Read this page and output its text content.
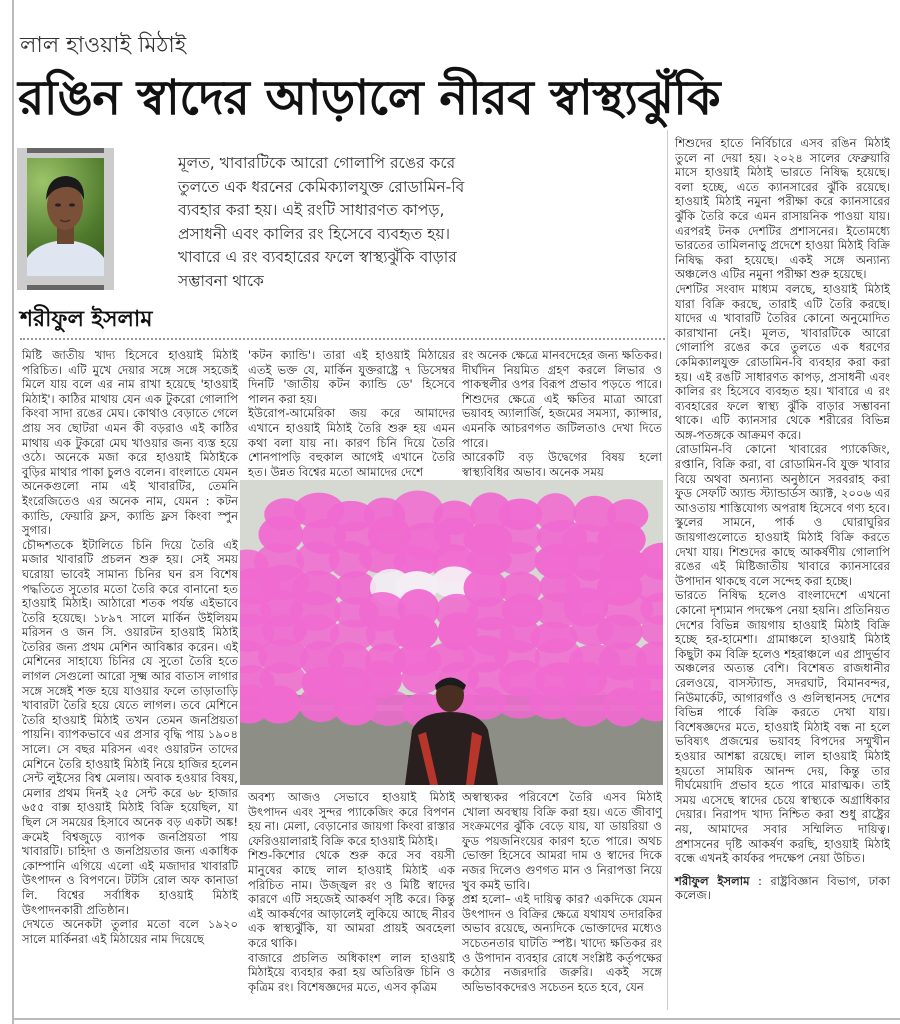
লাল হাওয়াই মিঠাই
রঙিন স্বাদের আড়ালে নীরব স্বাস্থ্যঝুঁকি
মূলত, খাবারটিকে আরো গোলাপি রঙের করে তুলতে এক ধরনের কেমিক্যালযুক্ত রোডামিন-বি ব্যবহার করা হয়। এই রংটি সাধারণত কাপড়, প্রসাধনী এবং কালির রং হিসেবে ব্যবহৃত হয়। খাবারে এ রং ব্যবহারের ফলে স্বাস্থ্যঝুঁকি বাড়ার সম্ভাবনা থাকে
শরীফুল ইসলাম

মিষ্টি জাতীয় খাদ্য হিসেবে হাওয়াই মিঠাই পরিচিত। এটি মুখে দেয়ার সঙ্গে সঙ্গে সহজেই মিলে যায় বলে এর নাম রাখা হয়েছে 'হাওয়াই মিঠাই'। কাঠির মাথায় যেন এক টুকরো গোলাপি কিংবা সাদা রঙের মেঘ। কোথাও বেড়াতে গেলে প্রায় সব ছোটরা এমন কী বড়রাও এই কাঠির মাথায় এক টুকরো মেঘ খাওয়ার জন্য ব্যস্ত হয়ে ওঠে। অনেকে মজা করে হাওয়াই মিঠাইকে বুড়ির মাথার পাকা চুলও বলেন। বাংলাতে যেমন অনেকগুলো নাম এই খাবারটির, তেমনি ইংরেজিতেও এর অনেক নাম, যেমন : কটন ক্যান্ডি, ফেয়ারি ফ্লস, ক্যান্ডি ফ্লস কিংবা স্পুন সুগার।

চৌদ্দশতকে ইটালিতে চিনি দিয়ে তৈরি এই মজার খাবারটি প্রচলন শুরু হয়। সেই সময় ঘরোয়া ভাবেই সামান্য চিনির ঘন রস বিশেষ পদ্ধতিতে সুতোর মতো তৈরি করে বানানো হত হাওয়াই মিঠাই। আঠারো শতক পর্যন্ত এইভাবে তৈরি হয়েছে। ১৮৯৭ সালে মার্কিন উইলিয়ম মরিসন ও জন সি. ওয়ারটন হাওয়াই মিঠাই তৈরির জন্য প্রথম মেশিন আবিষ্কার করেন। এই মেশিনের সাহায্যে চিনির যে সুতো তৈরি হতে লাগল সেগুলো আরো সূক্ষ্ম আর বাতাস লাগার সঙ্গে সঙ্গেই শক্ত হয়ে যাওয়ার ফলে তাড়াতাড়ি খাবারটা তৈরি হয়ে যেতে লাগল। তবে মেশিনে তৈরি হাওয়াই মিঠাই তখন তেমন জনপ্রিয়তা পায়নি। ব্যাপকভাবে এর প্রসার বৃদ্ধি পায় ১৯০৪ সালে। সে বছর মরিসন এবং ওয়ারটন তাদের মেশিনে তৈরি হাওয়াই মিঠাই নিয়ে হাজির হলেন সেন্ট লুইসের বিশ্ব মেলায়। অবাক হওয়ার বিষয়, মেলার প্রথম দিনই ২৫ সেন্ট করে ৬৮ হাজার ৬৫৫ বাক্স হাওয়াই মিঠাই বিক্রি হয়েছিল, যা ছিল সে সময়ের হিসাবে অনেক বড় একটা অঙ্ক! ক্রমেই বিশ্বজুড়ে ব্যাপক জনপ্রিয়তা পায় খাবারটি। চাহিদা ও জনপ্রিয়তার জন্য একাধিক কোম্পানি এগিয়ে এলো এই মজাদার খাবারটি উৎপাদন ও বিপণনে। টটসি রোল অফ কানাডা লি. বিশ্বের সর্বাধিক হাওয়াই মিঠাই উৎপাদনকারী প্রতিষ্ঠান।

দেখতে অনেকটা তুলার মতো বলে ১৯২০ সালে মার্কিনরা এই মিঠায়ের নাম দিয়েছে

'কটন ক্যান্ডি'। তারা এই হাওয়াই মিঠায়ের এতই ভক্ত যে, মার্কিন যুক্তরাষ্ট্রে ৭ ডিসেম্বর দিনটি 'জাতীয় কটন ক্যান্ডি ডে' হিসেবে পালন করা হয়।

ইউরোপ-আমেরিকা জয় করে আমাদের এখানে হাওয়াই মিঠাই তৈরি শুরু হয় এমন কথা বলা যায় না। কারণ চিনি দিয়ে তৈরি শোনপাপড়ি বহুকাল আগেই এখানে তৈরি হত। উন্নত বিশ্বের মতো আমাদের দেশে

রং অনেক ক্ষেত্রে মানবদেহের জন্য ক্ষতিকর। দীর্ঘদিন নিয়মিত গ্রহণ করলে লিভার ও পাকস্থলীর ওপর বিরূপ প্রভাব পড়তে পারে। শিশুদের ক্ষেত্রে এই ক্ষতির মাত্রা আরো ভয়াবহ অ্যালার্জি, হজমের সমস্যা, ক্যান্সার, এমনকি আচরণগত জটিলতাও দেখা দিতে পারে।

আরেকটি বড় উদ্বেগের বিষয় হলো স্বাস্থ্যবিধির অভাব। অনেক সময়

অবশ্য আজও সেভাবে হাওয়াই মিঠাই উৎপাদন এবং সুন্দর প্যাকেজিং করে বিপণন হয় না। মেলা, বেড়ানোর জায়গা কিংবা রাস্তার ফেরিওয়ালারাই বিক্রি করে হাওয়াই মিঠাই।

শিশু-কিশোর থেকে শুরু করে সব বয়সী মানুষের কাছে লাল হাওয়াই মিঠাই এক পরিচিত নাম। উজ্জ্বল রং ও মিষ্টি স্বাদের কারণে এটি সহজেই আকর্ষণ সৃষ্টি করে। কিন্তু এই আকর্ষণের আড়ালেই লুকিয়ে আছে নীরব এক স্বাস্থ্যঝুঁকি, যা আমরা প্রায়ই অবহেলা করে থাকি।

বাজারে প্রচলিত অধিকাংশ লাল হাওয়াই মিঠাইয়ে ব্যবহার করা হয় অতিরিক্ত চিনি ও কৃত্রিম রং। বিশেষজ্ঞদের মতে, এসব কৃত্রিম

অস্বাস্থ্যকর পরিবেশে তৈরি এসব মিঠাই খোলা অবস্থায় বিক্রি করা হয়। এতে জীবাণু সংক্রমণের ঝুঁকি বেড়ে যায়, যা ডায়রিয়া ও ফুড পয়জনিংয়ের কারণ হতে পারে। অথচ ভোক্তা হিসেবে আমরা দাম ও স্বাদের দিকে নজর দিলেও গুণগত মান ও নিরাপত্তা নিয়ে খুব কমই ভাবি।

প্রশ্ন হলো– এই দায়িত্ব কার? একদিকে যেমন উৎপাদন ও বিক্রির ক্ষেত্রে যথাযথ তদারকির অভাব রয়েছে, অন্যদিকে ভোক্তাদের মধ্যেও সচেতনতার ঘাটতি স্পষ্ট। খাদ্যে ক্ষতিকর রং ও উপাদান ব্যবহার রোধে সংশ্লিষ্ট কর্তৃপক্ষের কঠোর নজরদারি জরুরি। একই সঙ্গে অভিভাবকদেরও সচেতন হতে হবে, যেন

শিশুদের হাতে নির্বিচারে এসব রঙিন মিঠাই তুলে না দেয়া হয়। ২০২৪ সালের ফেব্রুয়ারি মাসে হাওয়াই মিঠাই ভারতে নিষিদ্ধ হয়েছে। বলা হচ্ছে, এতে ক্যানসারের ঝুঁকি রয়েছে। হাওয়াই মিঠাই নমুনা পরীক্ষা করে ক্যানসারের ঝুঁকি তৈরি করে এমন রাসায়নিক পাওয়া যায়। এরপরই টনক দেশটির প্রশাসনের। ইতোমধ্যে ভারতের তামিলনাড়ু প্রদেশে হাওয়া মিঠাই বিক্রি নিষিদ্ধ করা হয়েছে। একই সঙ্গে অন্যান্য অঞ্চলেও এটির নমুনা পরীক্ষা শুরু হয়েছে।

দেশটির সংবাদ মাধ্যম বলছে, হাওয়াই মিঠাই যারা বিক্রি করছে, তারাই এটি তৈরি করছে। যাদের এ খাবারটি তৈরির কোনো অনুমোদিত কারাখানা নেই। মূলত, খাবারটিকে আরো গোলাপি রঙের করে তুলতে এক ধরণের কেমিক্যালযুক্ত রোডামিন-বি ব্যবহার করা করা হয়। এই রঙটি সাধারণত কাপড়, প্রসাধনী এবং কালির রং হিসেবে ব্যবহৃত হয়। খাবারে এ রং ব্যবহারের ফলে স্বাস্থ্য ঝুঁকি বাড়ার সম্ভাবনা থাকে। এটি ক্যানসার থেকে শরীরের বিভিন্ন অঙ্গ-পতঙ্গকে আক্রমণ করে।

রোডামিন-বি কোনো খাবারের প্যাকেজিং, রপ্তানি, বিক্রি করা, বা রোডামিন-বি যুক্ত খাবার বিয়ে অথবা অন্যান্য অনুষ্ঠানে সরবরাহ করা ফুড সেফটি অ্যান্ড স্ট্যান্ডার্ডস অ্যাক্ট, ২০০৬ এর আওতায় শাস্তিযোগ্য অপরাধ হিসেবে গণ্য হবে। স্কুলের সামনে, পার্ক ও ঘোরাঘুরির জায়গাগুলোতে হাওয়াই মিঠাই বিক্রি করতে দেখা যায়। শিশুদের কাছে আকর্ষণীয় গোলাপি রঙের এই মিষ্টিজাতীয় খাবারে ক্যানসারের উপাদান থাকছে বলে সন্দেহ করা হচ্ছে।

ভারতে নিষিদ্ধ হলেও বাংলাদেশে এখনো কোনো দৃশ্যমান পদক্ষেপ নেয়া হয়নি। প্রতিনিয়ত দেশের বিভিন্ন জায়গায় হাওয়াই মিঠাই বিক্রি হচ্ছে হর-হামেশা। গ্রামাঞ্চলে হাওয়াই মিঠাই কিছুটা কম বিক্রি হলেও শহরাঞ্চলে এর প্রাদুর্ভাব অঞ্চলের অত্যন্ত বেশি। বিশেষত রাজধানীর রেলওয়ে, বাসস্ট্যান্ড, সদরঘাট, বিমানবন্দর, নিউমার্কেট, আগারগাঁও ও গুলিস্থানসহ দেশের বিভিন্ন পার্কে বিক্রি করতে দেখা যায়। বিশেষজ্ঞদের মতে, হাওয়াই মিঠাই বন্ধ না হলে ভবিষ্যৎ প্রজন্মের ভয়াবহ বিপদের সম্মুখীন হওয়ার আশঙ্কা রয়েছে। লাল হাওয়াই মিঠাই হয়তো সাময়িক আনন্দ দেয়, কিন্তু তার দীর্ঘমেয়াদি প্রভাব হতে পারে মারাত্মক। তাই সময় এসেছে স্বাদের চেয়ে স্বাস্থ্যকে অগ্রাধিকার দেয়ার। নিরাপদ খাদ্য নিশ্চিত করা শুধু রাষ্ট্রের নয়, আমাদের সবার সম্মিলিত দায়িত্ব। প্রশাসনের দৃষ্টি আকর্ষণ করছি, হাওয়াই মিঠাই বন্ধে এখনই কার্যকর পদক্ষেপ নেয়া উচিত।

শরীফুল ইসলাম : রাষ্ট্রবিজ্ঞান বিভাগ, ঢাকা কলেজ।
